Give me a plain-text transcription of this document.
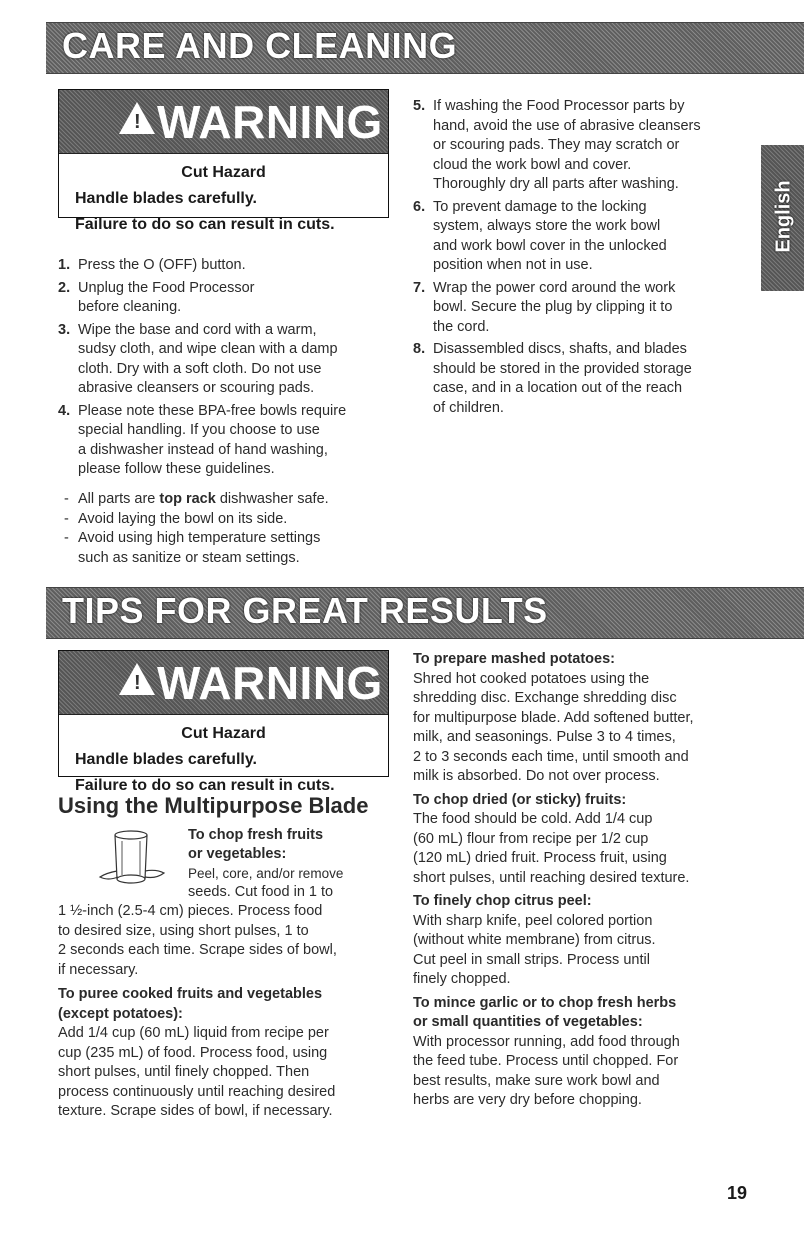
CARE AND CLEANING
TIPS FOR GREAT RESULTS
! WARNING
Cut Hazard
Handle blades carefully.
Failure to do so can result in cuts.
! WARNING
Cut Hazard
Handle blades carefully.
Failure to do so can result in cuts.
1. Press the O (OFF) button.
2. Unplug the Food Processor
before cleaning.
3. Wipe the base and cord with a warm,
sudsy cloth, and wipe clean with a damp
cloth. Dry with a soft cloth. Do not use
abrasive cleansers or scouring pads.
4. Please note these BPA-free bowls require
special handling. If you choose to use
a dishwasher instead of hand washing,
please follow these guidelines.
- All parts are top rack dishwasher safe.
- Avoid laying the bowl on its side.
- Avoid using high temperature settings
such as sanitize or steam settings.
5. If washing the Food Processor parts by
hand, avoid the use of abrasive cleansers
or scouring pads. They may scratch or
cloud the work bowl and cover.
Thoroughly dry all parts after washing.
6. To prevent damage to the locking
system, always store the work bowl
and work bowl cover in the unlocked
position when not in use.
7. Wrap the power cord around the work
bowl. Secure the plug by clipping it to
the cord.
8. Disassembled discs, shafts, and blades
should be stored in the provided storage
case, and in a location out of the reach
of children.
English
Using the Multipurpose Blade
To chop fresh fruits
or vegetables:
Peel, core, and/or remove
seeds. Cut food in 1 to
1 ½-inch (2.5-4 cm) pieces. Process food
to desired size, using short pulses, 1 to
2 seconds each time. Scrape sides of bowl,
if necessary.
To puree cooked fruits and vegetables
(except potatoes):
Add 1/4 cup (60 mL) liquid from recipe per
cup (235 mL) of food. Process food, using
short pulses, until finely chopped. Then
process continuously until reaching desired
texture. Scrape sides of bowl, if necessary.
To prepare mashed potatoes:
Shred hot cooked potatoes using the
shredding disc. Exchange shredding disc
for multipurpose blade. Add softened butter,
milk, and seasonings. Pulse 3 to 4 times,
2 to 3 seconds each time, until smooth and
milk is absorbed. Do not over process.
To chop dried (or sticky) fruits:
The food should be cold. Add 1/4 cup
(60 mL) flour from recipe per 1/2 cup
(120 mL) dried fruit. Process fruit, using
short pulses, until reaching desired texture.
To finely chop citrus peel:
With sharp knife, peel colored portion
(without white membrane) from citrus.
Cut peel in small strips. Process until
finely chopped.
To mince garlic or to chop fresh herbs
or small quantities of vegetables:
With processor running, add food through
the feed tube. Process until chopped. For
best results, make sure work bowl and
herbs are very dry before chopping.
19
